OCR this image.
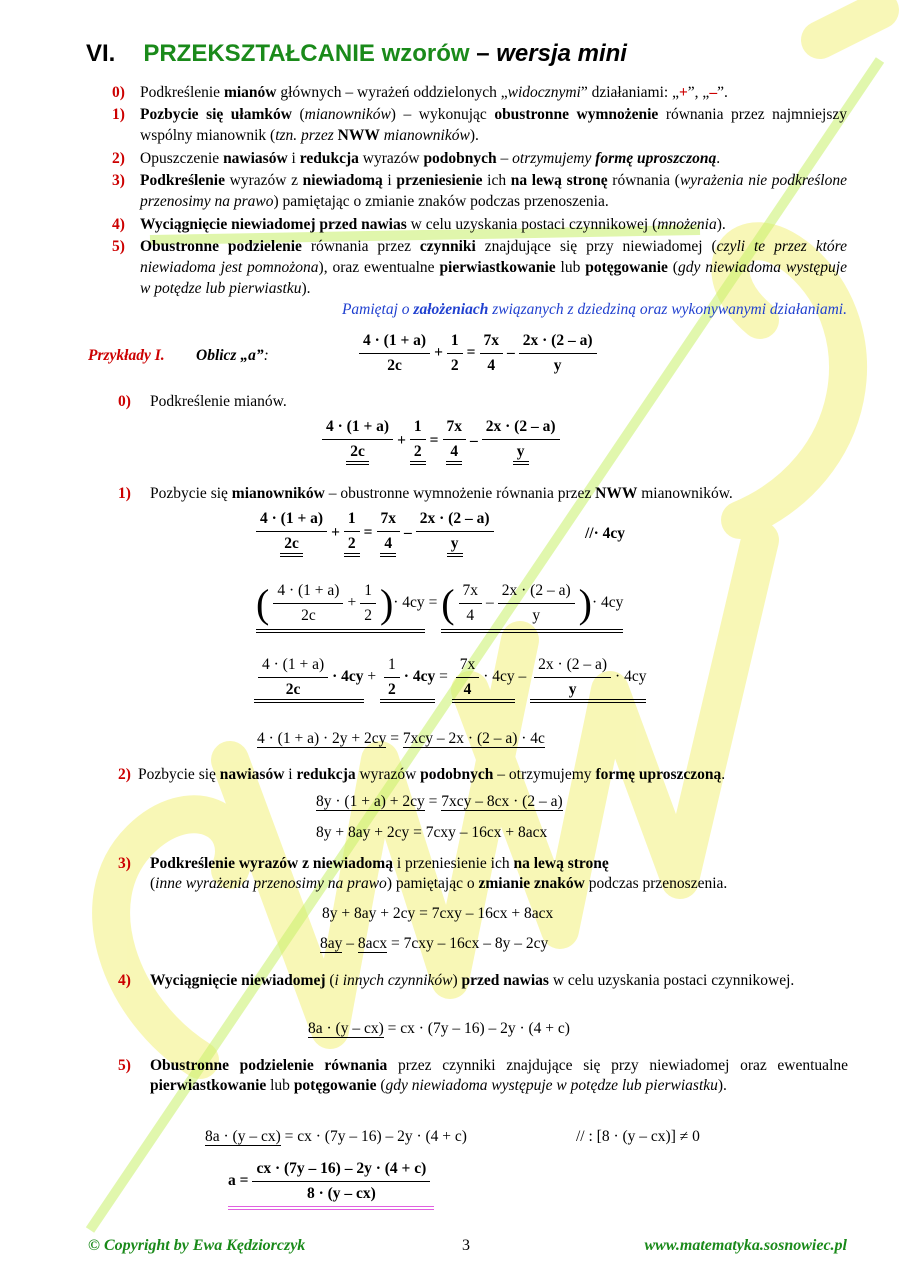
VI. PRZEKSZTAŁCANIE wzorów – wersja mini
0) Podkreślenie mianów głównych – wyrażeń oddzielonych „widocznymi” działaniami: „+”, „–”.
1) Pozbycie się ułamków (mianowników) – wykonując obustronne wymnożenie równania przez najmniejszy wspólny mianownik (tzn. przez NWW mianowników).
2) Opuszczenie nawiasów i redukcja wyrazów podobnych – otrzymujemy formę uproszczoną.
3) Podkreślenie wyrazów z niewiadomą i przeniesienie ich na lewą stronę równania (wyrażenia nie podkreślone przenosimy na prawo) pamiętając o zmianie znaków podczas przenoszenia.
4) Wyciągnięcie niewiadomej przed nawias w celu uzyskania postaci czynnikowej (mnożenia).
5) Obustronne podzielenie równania przez czynniki znajdujące się przy niewiadomej (czyli te przez które niewiadoma jest pomnożona), oraz ewentualne pierwiastkowanie lub potęgowanie (gdy niewiadoma występuje w potędze lub pierwiastku).
Pamiętaj o założeniach związanych z dziedziną oraz wykonywanymi działaniami.
Przykłady I. Oblicz „a”:	$\frac{4 \cdot (1 + a)}{2c} + \frac{1}{2} = \frac{7x}{4} - \frac{2x \cdot (2 - a)}{y}$
0) Podkreślenie mianów.
$\frac{4 \cdot (1 + a)}{2c} + \frac{1}{2} = \frac{7x}{4} - \frac{2x \cdot (2 - a)}{y}$
1) Pozbycie się mianowników – obustronne wymnożenie równania przez NWW mianowników.
$\frac{4 \cdot (1 + a)}{2c} + \frac{1}{2} = \frac{7x}{4} - \frac{2x \cdot (2 - a)}{y}$	//· 4cy
( $\frac{4 \cdot (1 + a)}{2c} + \frac{1}{2}$ )· 4cy = ( $\frac{7x}{4} - \frac{2x \cdot (2 - a)}{y}$ )· 4cy
$\frac{4 \cdot (1 + a)}{2c} \cdot 4cy + \frac{1}{2} \cdot 4cy = \frac{7x}{4} \cdot 4cy - \frac{2x \cdot (2 - a)}{y} \cdot 4cy$
4 · (1 + a) · 2y + 2cy = 7xcy – 2x · (2 – a) · 4c
2) Pozbycie się nawiasów i redukcja wyrazów podobnych – otrzymujemy formę uproszczoną.
8y · (1 + a) + 2cy = 7xcy – 8cx · (2 – a)
8y + 8ay + 2cy = 7cxy – 16cx + 8acx
3) Podkreślenie wyrazów z niewiadomą i przeniesienie ich na lewą stronę
(inne wyrażenia przenosimy na prawo) pamiętając o zmianie znaków podczas przenoszenia.
8y + 8ay + 2cy = 7cxy – 16cx + 8acx
8ay – 8acx = 7cxy – 16cx – 8y – 2cy
4) Wyciągnięcie niewiadomej (i innych czynników) przed nawias w celu uzyskania postaci czynnikowej.
8a · (y – cx) = cx · (7y – 16) – 2y · (4 + c)
5) Obustronne podzielenie równania przez czynniki znajdujące się przy niewiadomej oraz ewentualne pierwiastkowanie lub potęgowanie (gdy niewiadoma występuje w potędze lub pierwiastku).
8a · (y – cx) = cx · (7y – 16) – 2y · (4 + c)	// : [8 · (y – cx)] ≠ 0
$a = \frac{cx \cdot (7y - 16) - 2y \cdot (4 + c)}{8 \cdot (y - cx)}$
© Copyright by Ewa Kędziorczyk	3	www.matematyka.sosnowiec.pl
